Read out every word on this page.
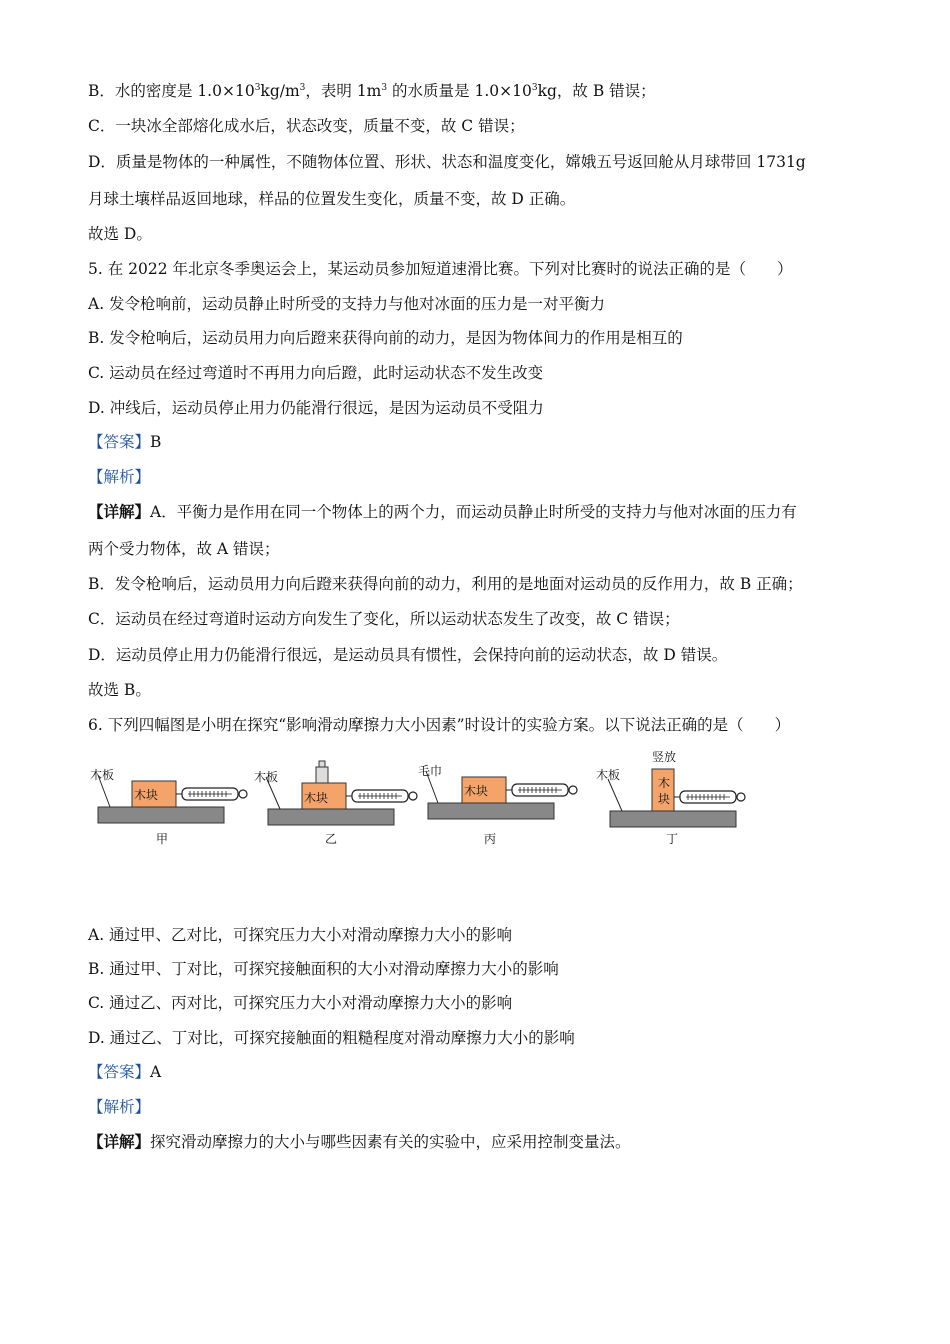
B．水的密度是 $1.0\times 10^3kg/m^3$，表明 $1m^3$ 的水质量是 $1.0\times 10^3kg$，故 B 错误；
C．一块冰全部熔化成水后，状态改变，质量不变，故 C 错误；
D．质量是物体的一种属性，不随物体位置、形状、状态和温度变化，嫦娥五号返回舱从月球带回 1731g
月球土壤样品返回地球，样品的位置发生变化，质量不变，故 D 正确。
故选 D。
5. 在 2022 年北京冬季奥运会上，某运动员参加短道速滑比赛。下列对比赛时的说法正确的是（　　）
A. 发令枪响前，运动员静止时所受的支持力与他对冰面的压力是一对平衡力
B. 发令枪响后，运动员用力向后蹬来获得向前的动力，是因为物体间力的作用是相互的
C. 运动员在经过弯道时不再用力向后蹬，此时运动状态不发生改变
D. 冲线后，运动员停止用力仍能滑行很远，是因为运动员不受阻力
【答案】B
【解析】
【详解】A．平衡力是作用在同一个物体上的两个力，而运动员静止时所受的支持力与他对冰面的压力有
两个受力物体，故 A 错误；
B．发令枪响后，运动员用力向后蹬来获得向前的动力，利用的是地面对运动员的反作用力，故 B 正确；
C．运动员在经过弯道时运动方向发生了变化，所以运动状态发生了改变，故 C 错误；
D．运动员停止用力仍能滑行很远，是运动员具有惯性，会保持向前的运动状态，故 D 错误。
故选 B。
6. 下列四幅图是小明在探究“影响滑动摩擦力大小因素”时设计的实验方案。以下说法正确的是（　　）
木板
木块
甲
木板
木块
乙
毛巾
木块
丙
木板
竖放
木
块
丁
A. 通过甲、乙对比，可探究压力大小对滑动摩擦力大小的影响
B. 通过甲、丁对比，可探究接触面积的大小对滑动摩擦力大小的影响
C. 通过乙、丙对比，可探究压力大小对滑动摩擦力大小的影响
D. 通过乙、丁对比，可探究接触面的粗糙程度对滑动摩擦力大小的影响
【答案】A
【解析】
【详解】探究滑动摩擦力的大小与哪些因素有关的实验中，应采用控制变量法。
